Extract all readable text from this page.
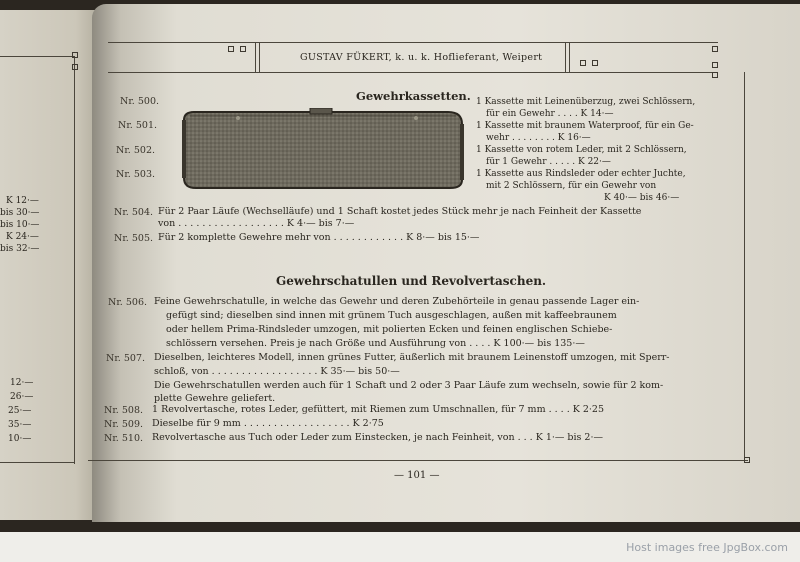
K 12·—
bis 30·—
bis 10·—
K 24·—
bis 32·—
12·—
26·—
25·—
35·—
10·—
GUSTAV FÜKERT, k. u. k. Hoflieferant, Weipert
Gewehrkassetten.
Nr. 500.
Nr. 501.
Nr. 502.
Nr. 503.
1 Kassette mit Leinenüberzug, zwei Schlössern,
für ein Gewehr . . . . K 14·—
1 Kassette mit braunem Waterproof, für ein Ge-
wehr . . . . . . . . K 16·—
1 Kassette von rotem Leder, mit 2 Schlössern,
für 1 Gewehr . . . . . K 22·—
1 Kassette aus Rindsleder oder echter Juchte,
mit 2 Schlössern, für ein Gewehr von
K 40·— bis 46·—
Nr. 504. Für 2 Paar Läufe (Wechselläufe) und 1 Schaft kostet jedes Stück mehr je nach Feinheit der Kassette
von . . . . . . . . . . . . . . . . . . K 4·— bis 7·—
Nr. 505. Für 2 komplette Gewehre mehr von . . . . . . . . . . . . K 8·— bis 15·—
Gewehrschatullen und Revolvertaschen.
Nr. 506. Feine Gewehrschatulle, in welche das Gewehr und deren Zubehörteile in genau passende Lager ein-
gefügt sind; dieselben sind innen mit grünem Tuch ausgeschlagen, außen mit kaffeebraunem
oder hellem Prima-Rindsleder umzogen, mit polierten Ecken und feinen englischen Schiebe-
schlössern versehen. Preis je nach Größe und Ausführung von . . . . K 100·— bis 135·—
Nr. 507. Dieselben, leichteres Modell, innen grünes Futter, äußerlich mit braunem Leinenstoff umzogen, mit Sperr-
schloß, von . . . . . . . . . . . . . . . . . . K 35·— bis 50·—
Die Gewehrschatullen werden auch für 1 Schaft und 2 oder 3 Paar Läufe zum wechseln, sowie für 2 kom-
plette Gewehre geliefert.
Nr. 508. 1 Revolvertasche, rotes Leder, gefüttert, mit Riemen zum Umschnallen, für 7 mm . . . . K 2·25
Nr. 509. Dieselbe für 9 mm . . . . . . . . . . . . . . . . . . K 2·75
Nr. 510. Revolvertasche aus Tuch oder Leder zum Einstecken, je nach Feinheit, von . . . K 1·— bis 2·—
— 101 —
Host images free JpgBox.com
